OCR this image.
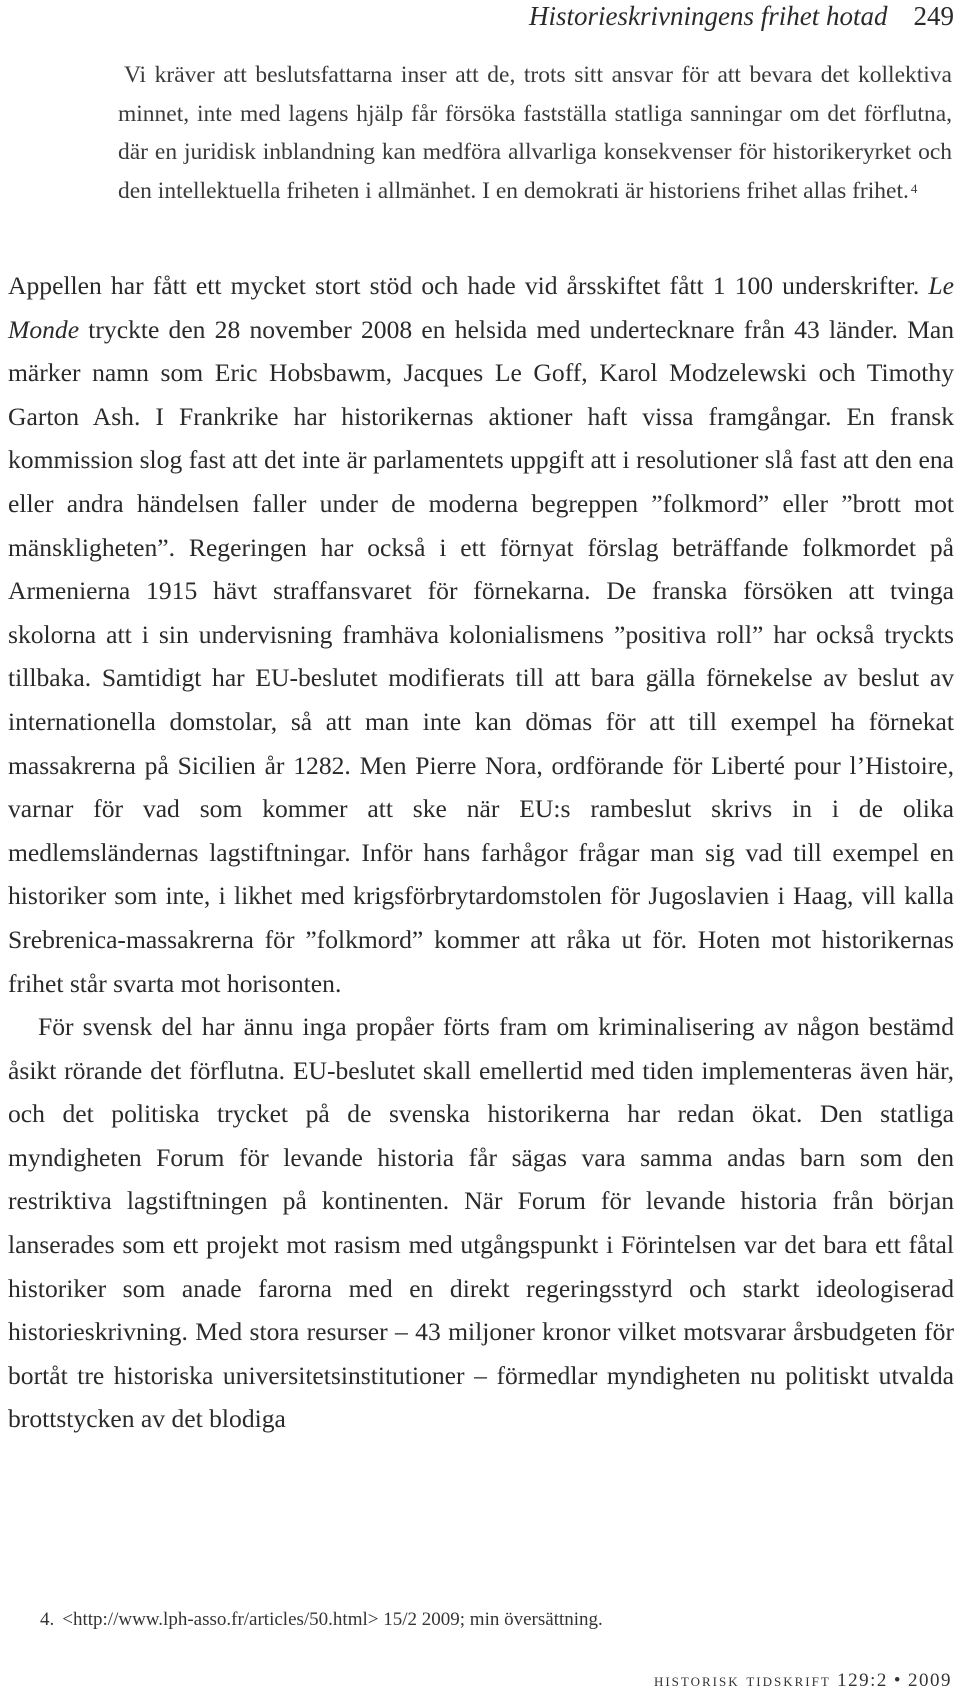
Historieskrivningens frihet hotad 249

Vi kräver att beslutsfattarna inser att de, trots sitt ansvar för att bevara det kollektiva minnet, inte med lagens hjälp får försöka fastställa statliga sanningar om det förflutna, där en juridisk inblandning kan medföra allvarliga konsekvenser för historikeryrket och den intellektuella friheten i allmänhet. I en demokrati är historiens frihet allas frihet. $^4$

Appellen har fått ett mycket stort stöd och hade vid årsskiftet fått 1 100 underskrifter. Le Monde tryckte den 28 november 2008 en helsida med undertecknare från 43 länder. Man märker namn som Eric Hobsbawm, Jacques Le Goff, Karol Modzelewski och Timothy Garton Ash. I Frankrike har historikernas aktioner haft vissa framgångar. En fransk kommission slog fast att det inte är parlamentets uppgift att i resolutioner slå fast att den ena eller andra händelsen faller under de moderna begreppen ”folkmord” eller ”brott mot mänskligheten”. Regeringen har också i ett förnyat förslag beträffande folkmordet på Armenierna 1915 hävt straffansvaret för förnekarna. De franska försöken att tvinga skolorna att i sin undervisning framhäva kolonialismens ”positiva roll” har också tryckts tillbaka. Samtidigt har EU-beslutet modifierats till att bara gälla förnekelse av beslut av internationella domstolar, så att man inte kan dömas för att till exempel ha förnekat massakrerna på Sicilien år 1282. Men Pierre Nora, ordförande för Liberté pour l’Histoire, varnar för vad som kommer att ske när EU:s rambeslut skrivs in i de olika medlemsländernas lagstiftningar. Inför hans farhågor frågar man sig vad till exempel en historiker som inte, i likhet med krigsförbrytardomstolen för Jugoslavien i Haag, vill kalla Srebrenica-massakrerna för ”folkmord” kommer att råka ut för. Hoten mot historikernas frihet står svarta mot horisonten.

För svensk del har ännu inga propåer förts fram om kriminalisering av någon bestämd åsikt rörande det förflutna. EU-beslutet skall emellertid med tiden implementeras även här, och det politiska trycket på de svenska historikerna har redan ökat. Den statliga myndigheten Forum för levande historia får sägas vara samma andas barn som den restriktiva lagstiftningen på kontinenten. När Forum för levande historia från början lanserades som ett projekt mot rasism med utgångspunkt i Förintelsen var det bara ett fåtal historiker som anade farorna med en direkt regeringsstyrd och starkt ideologiserad historieskrivning. Med stora resurser – 43 miljoner kronor vilket motsvarar årsbudgeten för bortåt tre historiska universitetsinstitutioner – förmedlar myndigheten nu politiskt utvalda brottstycken av det blodiga

4. <http://www.lph-asso.fr/articles/50.html> 15/2 2009; min översättning.
historisk tidskrift 129:2 • 2009
